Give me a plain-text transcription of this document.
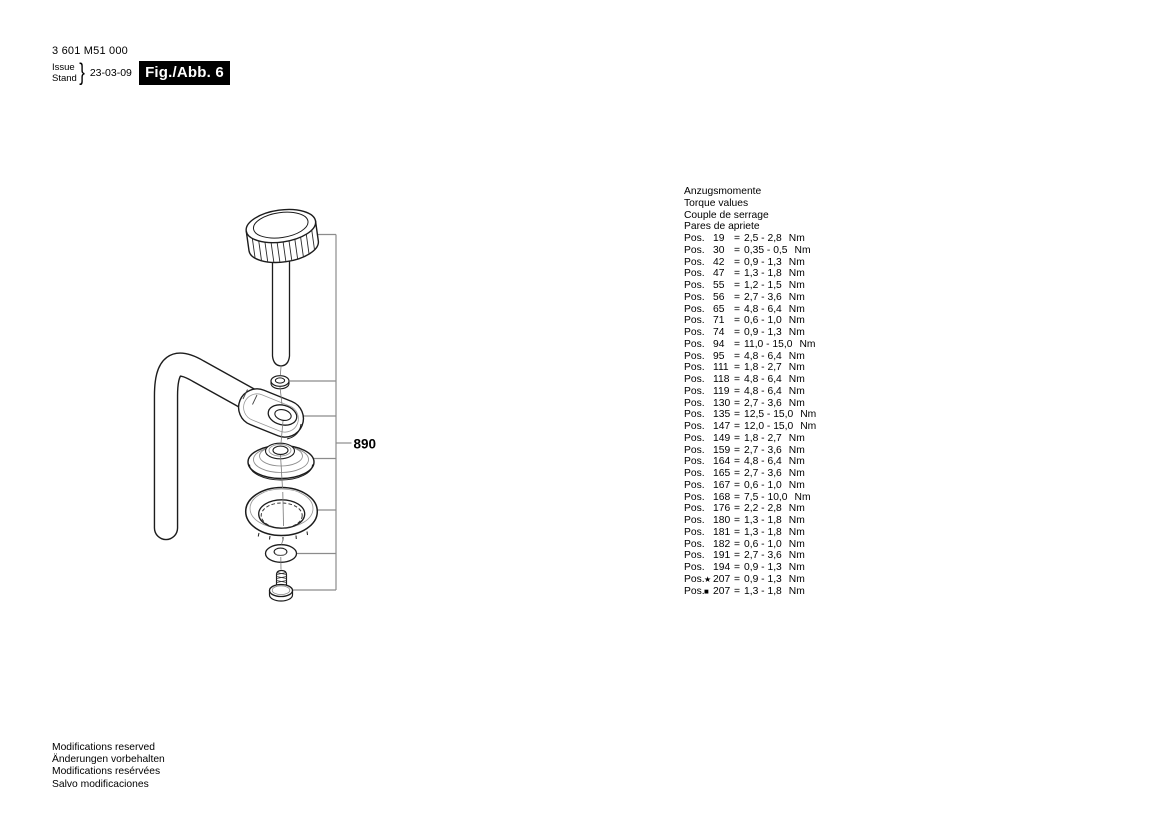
3 601 M51 000
Issue
Stand } 23-03-09 Fig./Abb. 6
890
Anzugsmomente
Torque values
Couple de serrage
Pares de apriete
Pos. 19 = 2,5 - 2,8 Nm
Pos. 30 = 0,35 - 0,5 Nm
Pos. 42 = 0,9 - 1,3 Nm
Pos. 47 = 1,3 - 1,8 Nm
Pos. 55 = 1,2 - 1,5 Nm
Pos. 56 = 2,7 - 3,6 Nm
Pos. 65 = 4,8 - 6,4 Nm
Pos. 71 = 0,6 - 1,0 Nm
Pos. 74 = 0,9 - 1,3 Nm
Pos. 94 = 11,0 - 15,0 Nm
Pos. 95 = 4,8 - 6,4 Nm
Pos. 111 = 1,8 - 2,7 Nm
Pos. 118 = 4,8 - 6,4 Nm
Pos. 119 = 4,8 - 6,4 Nm
Pos. 130 = 2,7 - 3,6 Nm
Pos. 135 = 12,5 - 15,0 Nm
Pos. 147 = 12,0 - 15,0 Nm
Pos. 149 = 1,8 - 2,7 Nm
Pos. 159 = 2,7 - 3,6 Nm
Pos. 164 = 4,8 - 6,4 Nm
Pos. 165 = 2,7 - 3,6 Nm
Pos. 167 = 0,6 - 1,0 Nm
Pos. 168 = 7,5 - 10,0 Nm
Pos. 176 = 2,2 - 2,8 Nm
Pos. 180 = 1,3 - 1,8 Nm
Pos. 181 = 1,3 - 1,8 Nm
Pos. 182 = 0,6 - 1,0 Nm
Pos. 191 = 2,7 - 3,6 Nm
Pos. 194 = 0,9 - 1,3 Nm
Pos. ★ 207 = 0,9 - 1,3 Nm
Pos. ■ 207 = 1,3 - 1,8 Nm
Modifications reserved
Änderungen vorbehalten
Modifications resérvées
Salvo modificaciones
